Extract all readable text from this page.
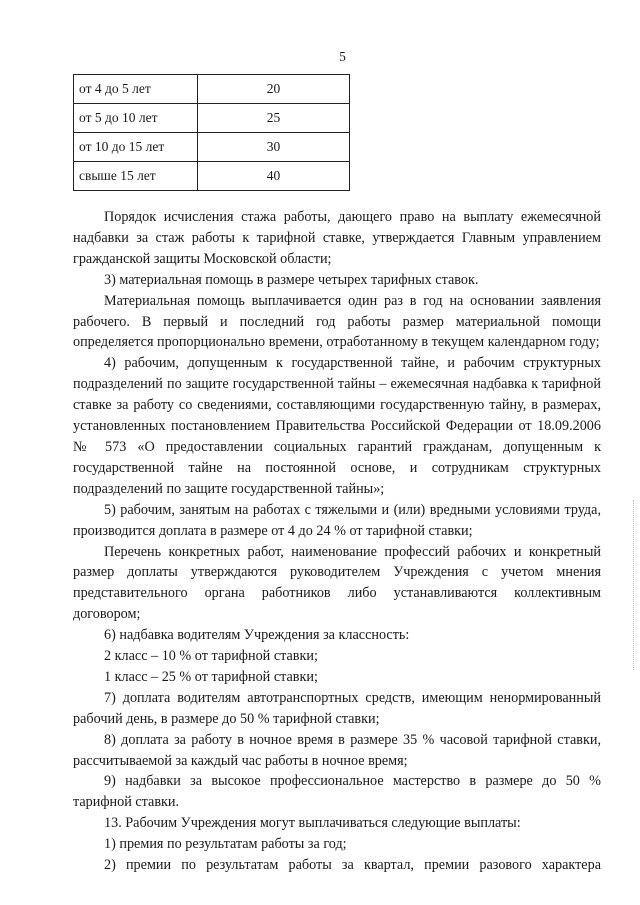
5
от 4 до 5 лет	20
от 5 до 10 лет	25
от 10 до 15 лет	30
свыше 15 лет	40

Порядок исчисления стажа работы, дающего право на выплату ежемесячной надбавки за стаж работы к тарифной ставке, утверждается Главным управлением гражданской защиты Московской области;

3) материальная помощь в размере четырех тарифных ставок.

Материальная помощь выплачивается один раз в год на основании заявления рабочего. В первый и последний год работы размер материальной помощи определяется пропорционально времени, отработанному в текущем календарном году;

4) рабочим, допущенным к государственной тайне, и рабочим структурных подразделений по защите государственной тайны – ежемесячная надбавка к тарифной ставке за работу со сведениями, составляющими государственную тайну, в размерах, установленных постановлением Правительства Российской Федерации от 18.09.2006 № 573 «О предоставлении социальных гарантий гражданам, допущенным к государственной тайне на постоянной основе, и сотрудникам структурных подразделений по защите государственной тайны»;

5) рабочим, занятым на работах с тяжелыми и (или) вредными условиями труда, производится доплата в размере от 4 до 24 % от тарифной ставки;

Перечень конкретных работ, наименование профессий рабочих и конкретный размер доплаты утверждаются руководителем Учреждения с учетом мнения представительного органа работников либо устанавливаются коллективным договором;

6) надбавка водителям Учреждения за классность:

2 класс – 10 % от тарифной ставки;

1 класс – 25 % от тарифной ставки;

7) доплата водителям автотранспортных средств, имеющим ненормированный рабочий день, в размере до 50 % тарифной ставки;

8) доплата за работу в ночное время в размере 35 % часовой тарифной ставки, рассчитываемой за каждый час работы в ночное время;

9) надбавки за высокое профессиональное мастерство в размере до 50 % тарифной ставки.

13. Рабочим Учреждения могут выплачиваться следующие выплаты:

1) премия по результатам работы за год;

2) премии по результатам работы за квартал, премии разового характера
